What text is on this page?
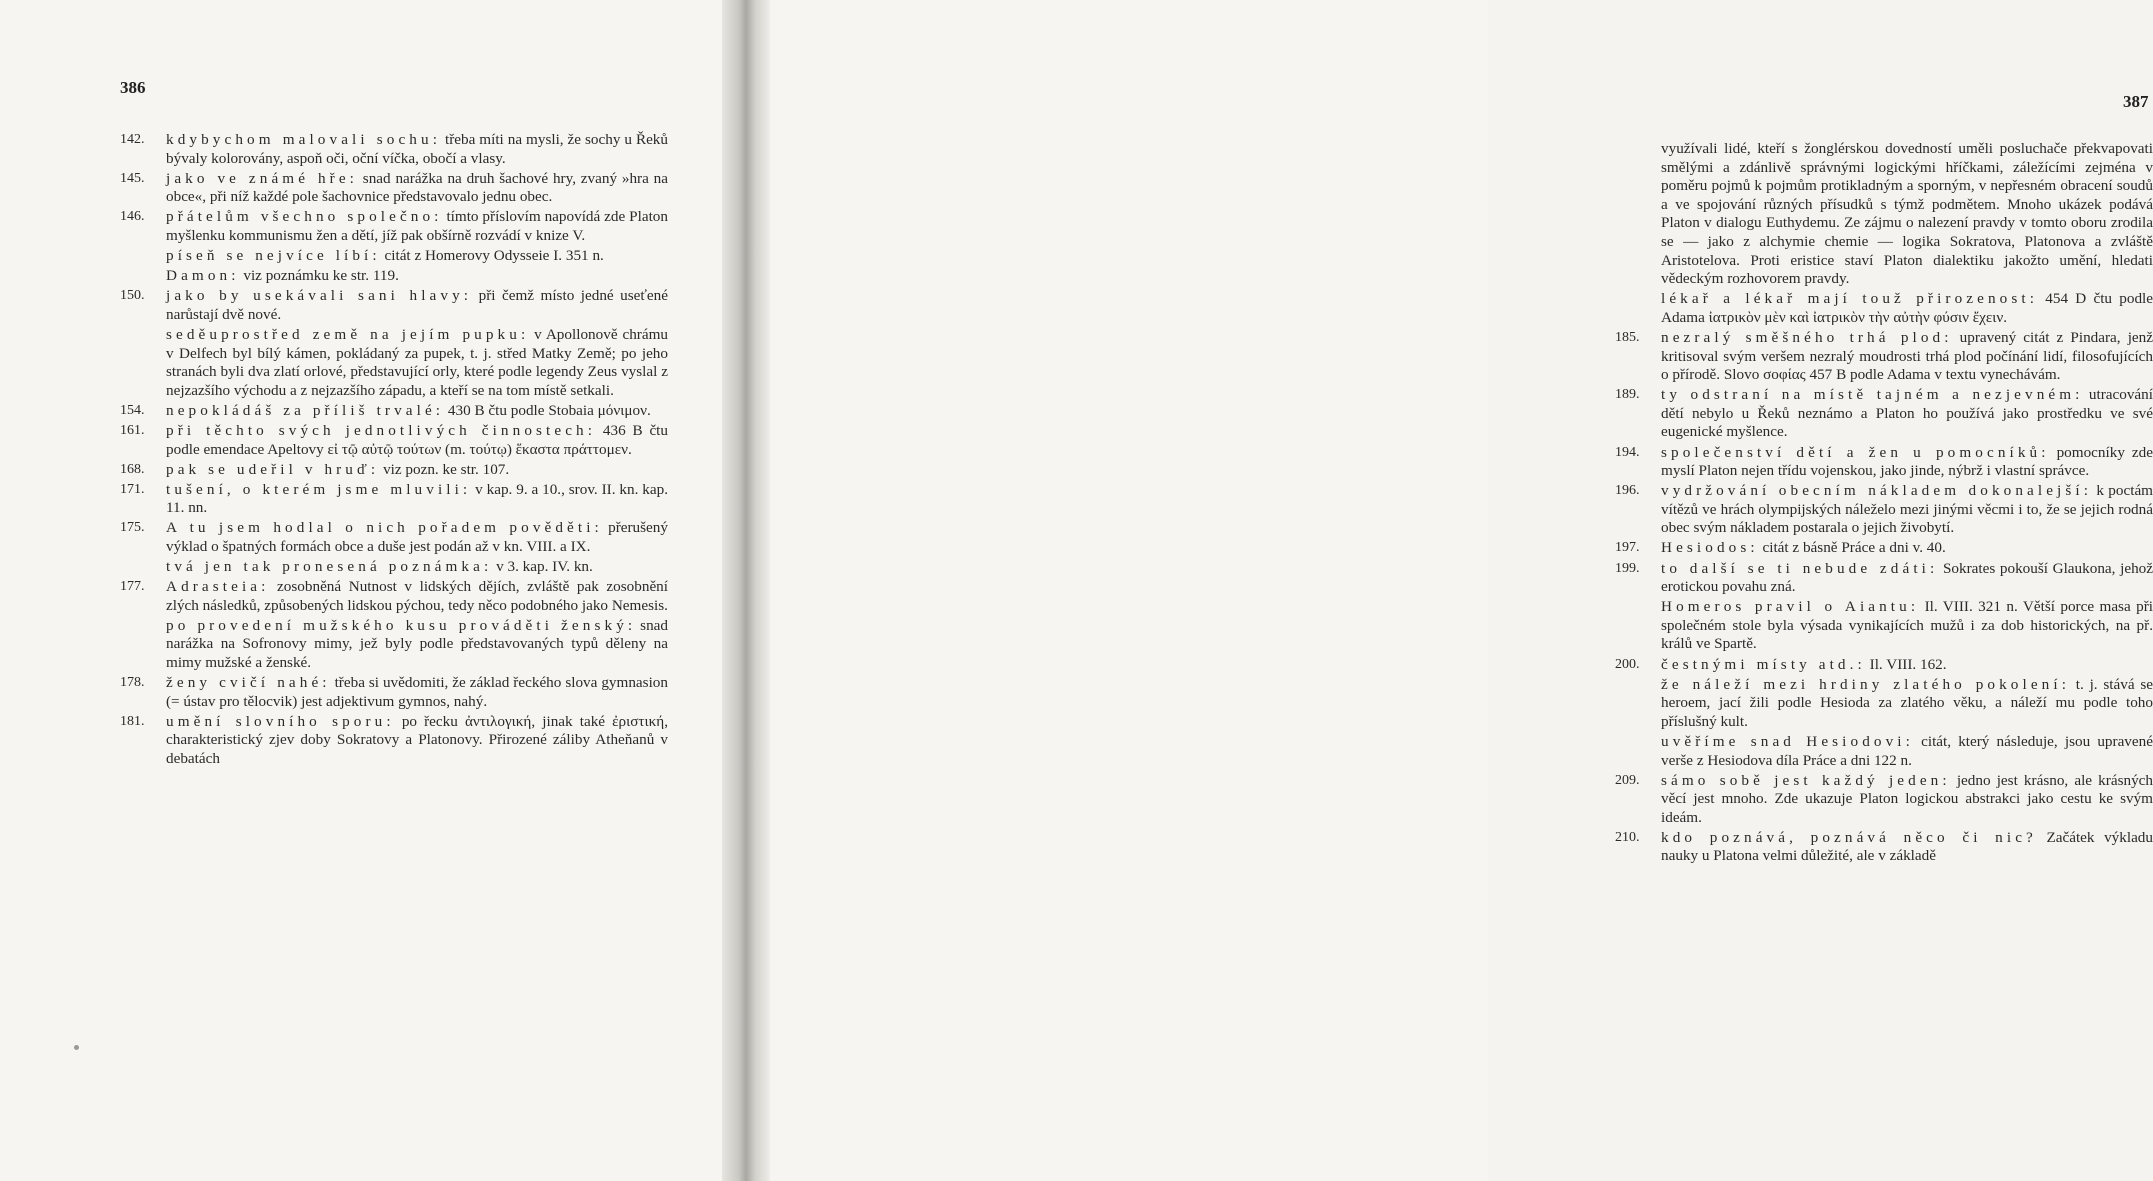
386
142. kdybychom malovali sochu: třeba míti na mysli, že sochy u Řeků bývaly kolorovány, aspoň oči, oční víčka, obočí a vlasy.
145. jako ve známé hře: snad narážka na druh šachové hry, zvaný »hra na obce«, při níž každé pole šachovnice představovalo jednu obec.
146. přátelům všechno společno: tímto příslovím napovídá zde Platon myšlenku kommunismu žen a dětí, jíž pak obšírně rozvádí v knize V.
píseň se nejvíce líbí: citát z Homerovy Odysseie I. 351 n.
Damon: viz poznámku ke str. 119.
150. jako by usekávali sani hlavy: při čemž místo jedné useťené narůstají dvě nové.
seděuprostřed země na jejím pupku: v Apollonově chrámu v Delfech byl bílý kámen, pokládaný za pupek, t. j. střed Matky Země; po jeho stranách byli dva zlatí orlové, představující orly, které podle legendy Zeus vyslal z nejzazšího východu a z nejzazšího západu, a kteří se na tom místě setkali.
154. nepokládáš za příliš trvalé: 430 B čtu podle Stobaia μόνιμον.
161. při těchto svých jednotlivých činnostech: 436 B čtu podle emendace Apeltovy εἰ τῷ αὐτῷ τούτων (m. τούτῳ) ἕκαστα πράττομεν.
168. pak se udeřil v hruď: viz pozn. ke str. 107.
171. tušení, o kterém jsme mluvili: v kap. 9. a 10., srov. II. kn. kap. 11. nn.
175. A tu jsem hodlal o nich pořadem pověděti: přerušený výklad o špatných formách obce a duše jest podán až v kn. VIII. a IX.
tvá jen tak pronesená poznámka: v 3. kap. IV. kn.
177. Adrasteia: zosobněná Nutnost v lidských dějích, zvláště pak zosobnění zlých následků, způsobených lidskou pýchou, tedy něco podobného jako Nemesis.
po provedení mužského kusu prováděti ženský: snad narážka na Sofronovy mimy, jež byly podle představovaných typů děleny na mimy mužské a ženské.
178. ženy cvičí nahé: třeba si uvědomiti, že základ řeckého slova gymnasion (= ústav pro tělocvik) jest adjektivum gymnos, nahý.
181. umění slovního sporu: po řecku ἀντιλογική, jinak také ἐριστική, charakteristický zjev doby Sokratovy a Platonovy. Přirozené záliby Atheňanů v debatách
387
využívali lidé, kteří s žonglérskou dovedností uměli posluchače překvapovati smělými a zdánlivě správnými logickými hříčkami, záležícími zejména v poměru pojmů k pojmům protikladným a sporným, v nepřesném obracení soudů a ve spojování různých přísudků s týmž podmětem. Mnoho ukázek podává Platon v dialogu Euthydemu. Ze zájmu o nalezení pravdy v tomto oboru zrodila se — jako z alchymie chemie — logika Sokratova, Platonova a zvláště Aristotelova. Proti eristice staví Platon dialektiku jakožto umění, hledati vědeckým rozhovorem pravdy.
lékař a lékař mají touž přirozenost: 454 D čtu podle Adama ἰατρικὸν μὲν καὶ ἰατρικὸν τὴν αὐτὴν φύσιν ἔχειν.
185. nezralý směšného trhá plod: upravený citát z Pindara, jenž kritisoval svým veršem nezralý moudrosti trhá plod počínání lidí, filosofujících o přírodě. Slovo σοφίας 457 B podle Adama v textu vynechávám.
189. ty odstraní na místě tajném a nezjevném: utracování dětí nebylo u Řeků neznámo a Platon ho používá jako prostředku ve své eugenické myšlence.
194. společenství dětí a žen u pomocníků: pomocníky zde myslí Platon nejen třídu vojenskou, jako jinde, nýbrž i vlastní správce.
196. vydržování obecním nákladem dokonalejší: k poctám vítězů ve hrách olympijských náleželo mezi jinými věcmi i to, že se jejich rodná obec svým nákladem postarala o jejich živobytí.
197. Hesiodos: citát z básně Práce a dni v. 40.
199. to další se ti nebude zdáti: Sokrates pokouší Glaukona, jehož erotickou povahu zná.
Homeros pravil o Aiantu: Il. VIII. 321 n. Větší porce masa při společném stole byla výsada vynikajících mužů i za dob historických, na př. králů ve Spartě.
200. čestnými místy atd.: Il. VIII. 162.
že náleží mezi hrdiny zlatého pokolení: t. j. stává se heroem, jací žili podle Hesioda za zlatého věku, a náleží mu podle toho příslušný kult.
uvěříme snad Hesiodovi: citát, který následuje, jsou upravené verše z Hesiodova díla Práce a dni 122 n.
209. sámo sobě jest každý jeden: jedno jest krásno, ale krásných věcí jest mnoho. Zde ukazuje Platon logickou abstrakci jako cestu ke svým ideám.
210. kdo poznává, poznává něco či nic? Začátek výkladu nauky u Platona velmi důležité, ale v základě
